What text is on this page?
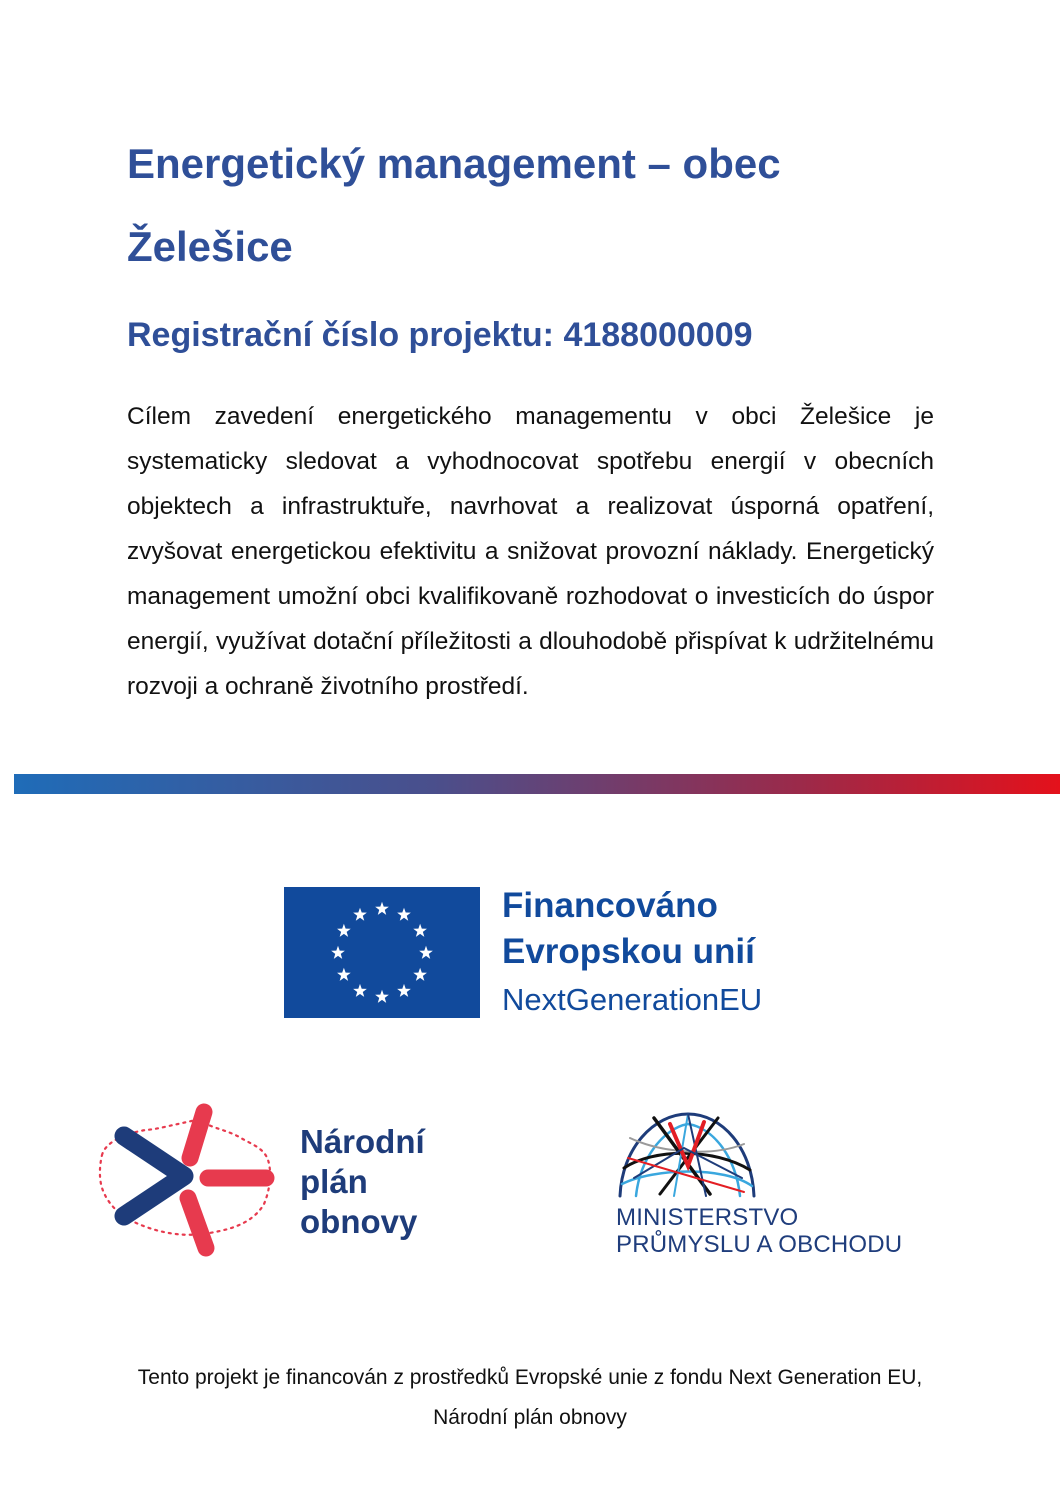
Energetický management – obec Želešice
Registrační číslo projektu: 4188000009

Cílem zavedení energetického managementu v obci Želešice je systematicky sledovat a vyhodnocovat spotřebu energií v obecních objektech a infrastruktuře, navrhovat a realizovat úsporná opatření, zvyšovat energetickou efektivitu a snižovat provozní náklady. Energetický management umožní obci kvalifikovaně rozhodovat o investicích do úspor energií, využívat dotační příležitosti a dlouhodobě přispívat k udržitelnému rozvoji a ochraně životního prostředí.

Financováno
Evropskou unií
NextGenerationEU
Národní
plán
obnovy	MINISTERSTVO
PRŮMYSLU A OBCHODU

Tento projekt je financován z prostředků Evropské unie z fondu Next Generation EU, Národní plán obnovy
